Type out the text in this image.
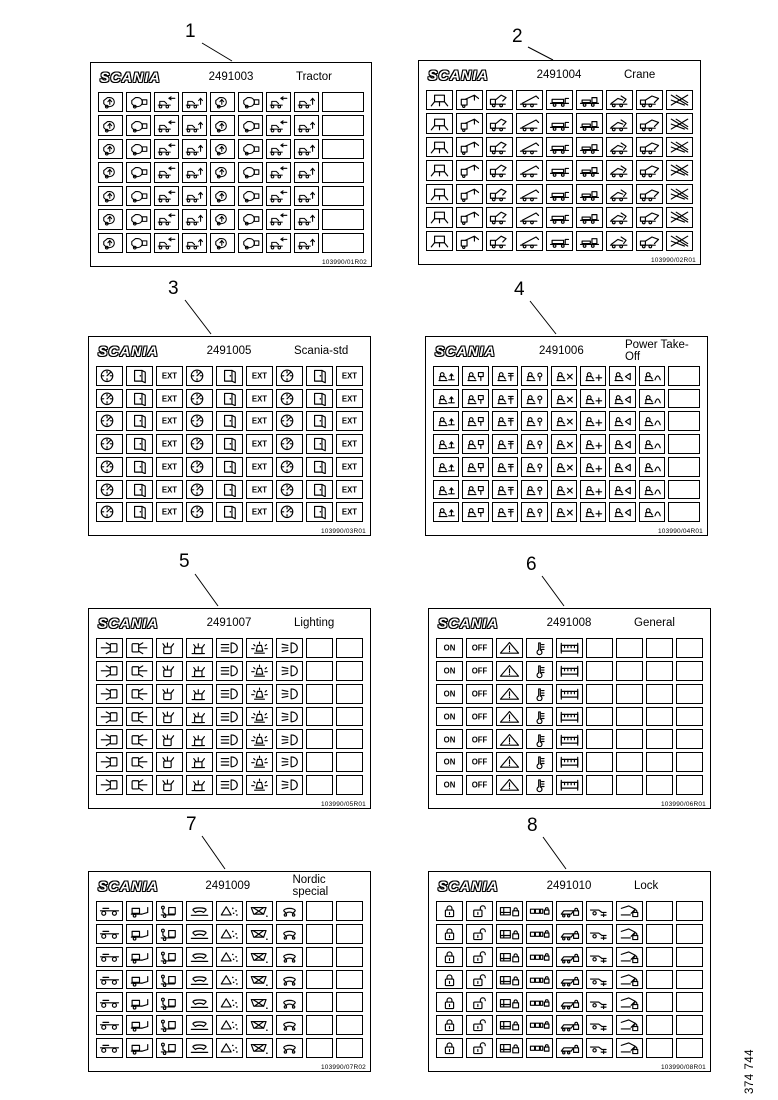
SCANIA	2491003	Tractor
103990/01R02
1
SCANIA	2491004	Crane
103990/02R01
2
SCANIA	2491005	Scania-std
EXT	EXT	EXT
EXT	EXT	EXT
EXT	EXT	EXT
EXT	EXT	EXT
EXT	EXT	EXT
EXT	EXT	EXT
EXT	EXT	EXT
103990/03R01
3
SCANIA	2491006	Power Take-Off
103990/04R01
4
SCANIA	2491007	Lighting
103990/05R01
5
SCANIA	2491008	General
ON OFF
ON OFF
ON OFF
ON OFF
ON OFF
ON OFF
ON OFF
103990/06R01
6
SCANIA	2491009	Nordic special
103990/07R02
7
SCANIA	2491010	Lock
103990/08R01
8
374 744
